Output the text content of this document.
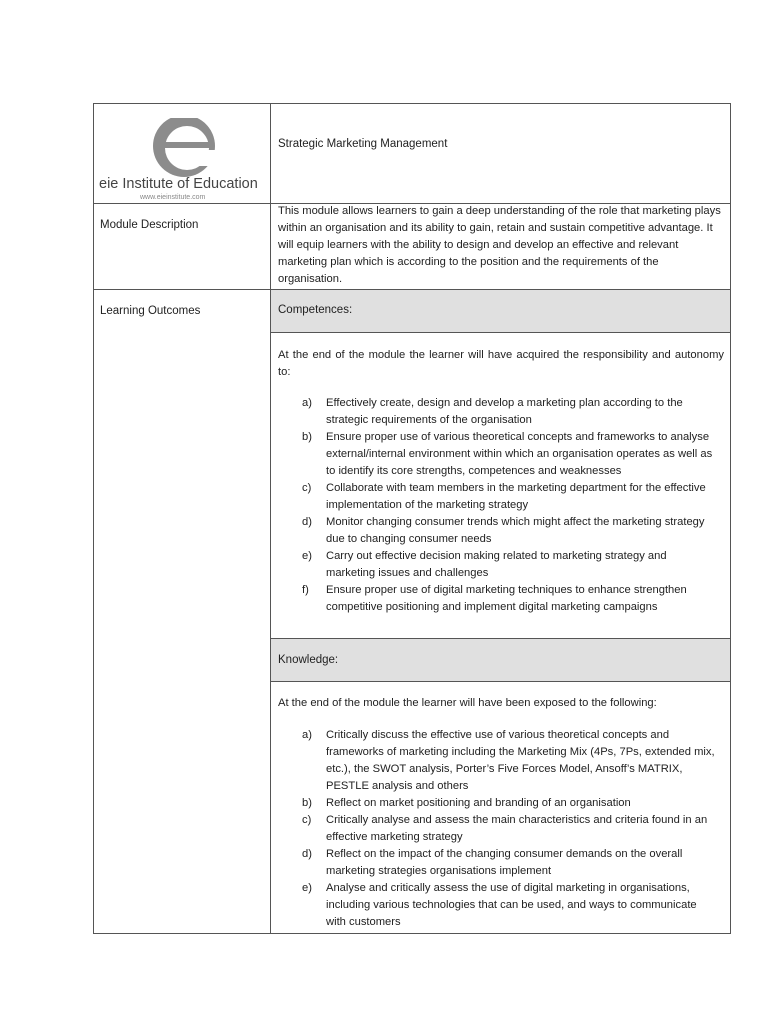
eie Institute of Education
www.eieinstitute.com
Strategic Marketing Management
Module Description
This module allows learners to gain a deep understanding of the role that marketing plays within an organisation and its ability to gain, retain and sustain competitive advantage. It will equip learners with the ability to design and develop an effective and relevant marketing plan which is according to the position and the requirements of the organisation.
Learning Outcomes	Competences:
At the end of the module the learner will have acquired the responsibility and autonomy to:
a) Effectively create, design and develop a marketing plan according to the strategic requirements of the organisation
b) Ensure proper use of various theoretical concepts and frameworks to analyse external/internal environment within which an organisation operates as well as to identify its core strengths, competences and weaknesses
c) Collaborate with team members in the marketing department for the effective implementation of the marketing strategy
d) Monitor changing consumer trends which might affect the marketing strategy due to changing consumer needs
e) Carry out effective decision making related to marketing strategy and marketing issues and challenges
f) Ensure proper use of digital marketing techniques to enhance strengthen competitive positioning and implement digital marketing campaigns
Knowledge:
At the end of the module the learner will have been exposed to the following:
a) Critically discuss the effective use of various theoretical concepts and frameworks of marketing including the Marketing Mix (4Ps, 7Ps, extended mix, etc.), the SWOT analysis, Porter’s Five Forces Model, Ansoff’s MATRIX, PESTLE analysis and others
b) Reflect on market positioning and branding of an organisation
c) Critically analyse and assess the main characteristics and criteria found in an effective marketing strategy
d) Reflect on the impact of the changing consumer demands on the overall marketing strategies organisations implement
e) Analyse and critically assess the use of digital marketing in organisations, including various technologies that can be used, and ways to communicate with customers
